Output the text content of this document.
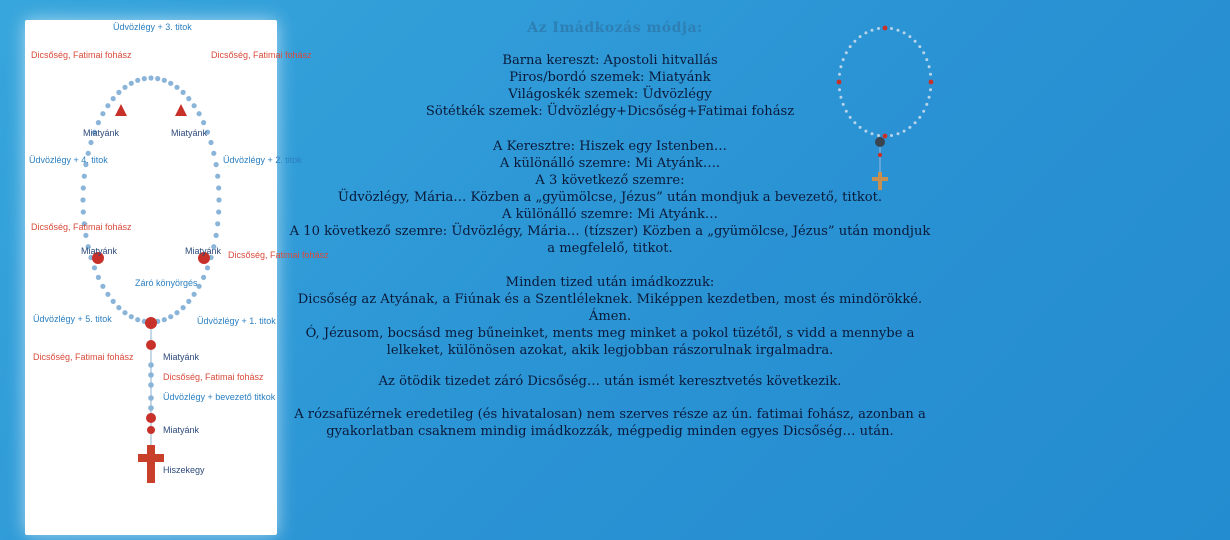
Az Imádkozás módja:
Üdvözlégy + 3. titok
Dicsőség, Fatimai fohász	Dicsőség, Fatimai fohász
Miatyánk	Miatyánk
Üdvözlégy + 4. titok	Üdvözlégy + 2. titok
Dicsőség, Fatimai fohász
Dicsőség, Fatimai fohász
Miatyánk	Miatyánk
Záró könyörgés
Üdvözlégy + 5. titok	Üdvözlégy + 1. titok
Dicsőség, Fatimai fohász	Miatyánk
Dicsőség, Fatimai fohász
Üdvözlégy + bevezető titkok
Miatyánk
Hiszekegy

Barna kereszt: Apostoli hitvallás

Piros/bordó szemek: Miatyánk

Világoskék szemek: Üdvözlégy

Sötétkék szemek: Üdvözlégy+Dicsőség+Fatimai fohász

A Keresztre: Hiszek egy Istenben…

A különálló szemre: Mi Atyánk….

A 3 következő szemre:

Üdvözlégy, Mária… Közben a „gyümölcse, Jézus” után mondjuk a bevezető, titkot.

A különálló szemre: Mi Atyánk…

A 10 következő szemre: Üdvözlégy, Mária… (tízszer) Közben a „gyümölcse, Jézus” után mondjuk a megfelelő, titkot.

Minden tized után imádkozzuk:

Dicsőség az Atyának, a Fiúnak és a Szentléleknek. Miképpen kezdetben, most és mindörökké. Ámen.

Ó, Jézusom, bocsásd meg bűneinket, ments meg minket a pokol tüzétől, s vidd a mennybe a lelkeket, különösen azokat, akik legjobban rászorulnak irgalmadra.

Az ötödik tizedet záró Dicsőség… után ismét keresztvetés következik.

A rózsafüzérnek eredetileg (és hivatalosan) nem szerves része az ún. fatimai fohász, azonban a gyakorlatban csaknem mindig imádkozzák, mégpedig minden egyes Dicsőség… után.
